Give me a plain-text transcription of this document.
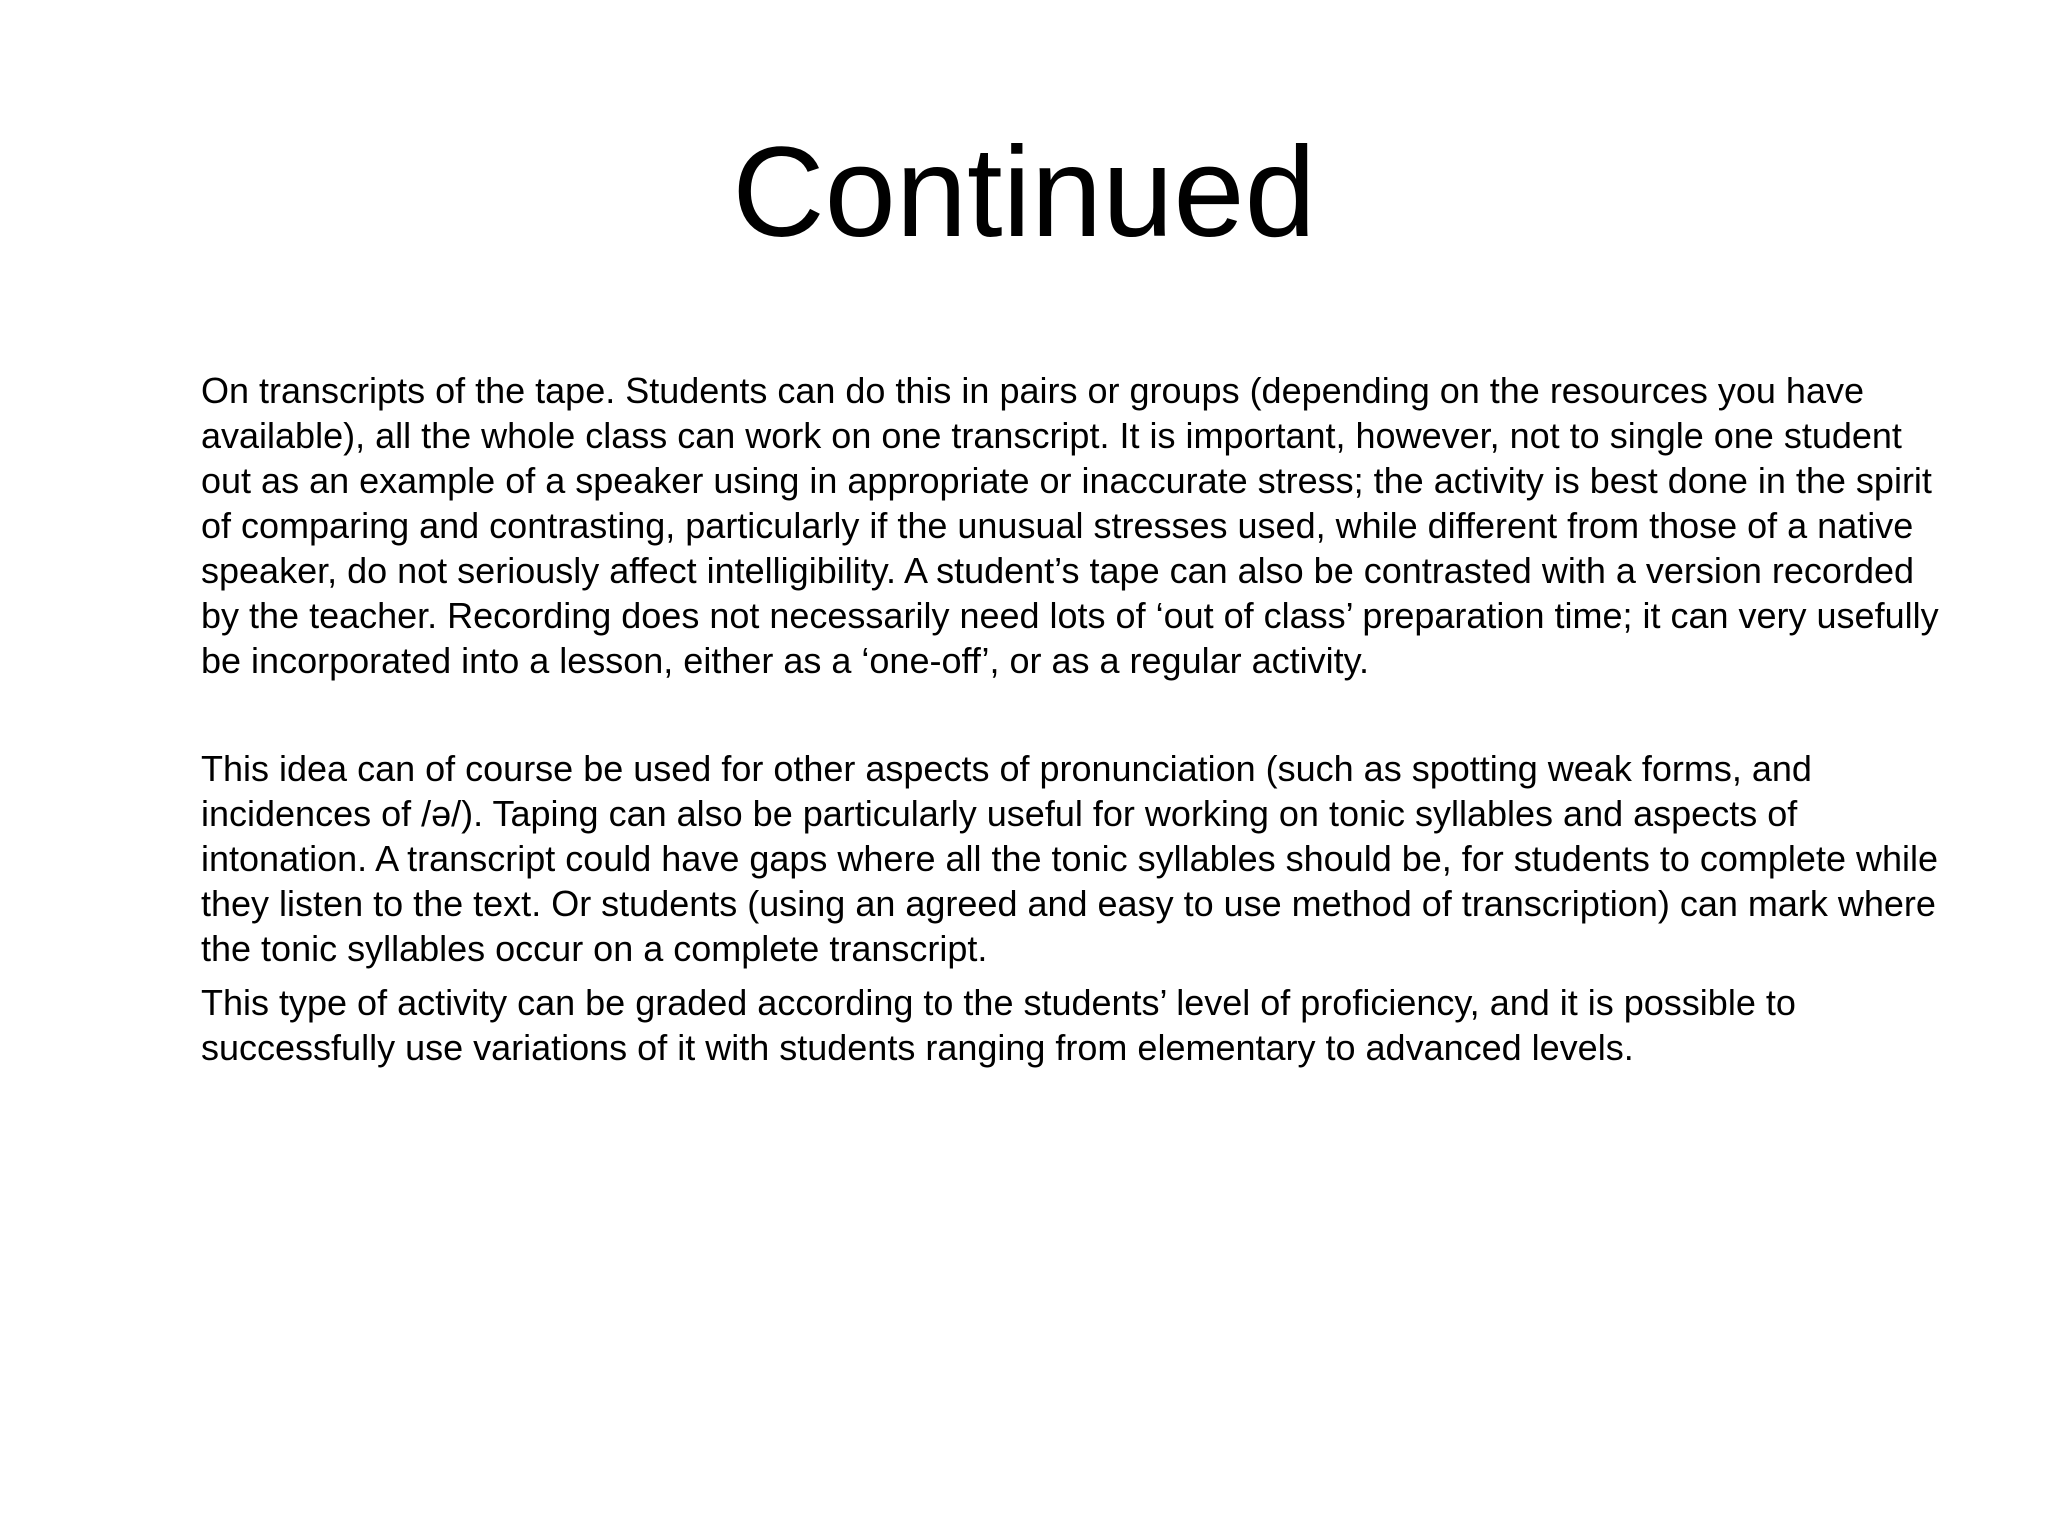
Continued

On transcripts of the tape. Students can do this in pairs or groups (depending on the resources you have available), all the whole class can work on one transcript. It is important, however, not to single one student out as an example of a speaker using in appropriate or inaccurate stress; the activity is best done in the spirit of comparing and contrasting, particularly if the unusual stresses used, while different from those of a native speaker, do not seriously affect intelligibility. A student’s tape can also be contrasted with a version recorded by the teacher. Recording does not necessarily need lots of ‘out of class’ preparation time; it can very usefully be incorporated into a lesson, either as a ‘one-off’, or as a regular activity.

This idea can of course be used for other aspects of pronunciation (such as spotting weak forms, and incidences of /ə/). Taping can also be particularly useful for working on tonic syllables and aspects of intonation. A transcript could have gaps where all the tonic syllables should be, for students to complete while they listen to the text. Or students (using an agreed and easy to use method of transcription) can mark where the tonic syllables occur on a complete transcript.

This type of activity can be graded according to the students’ level of proficiency, and it is possible to successfully use variations of it with students ranging from elementary to advanced levels.
